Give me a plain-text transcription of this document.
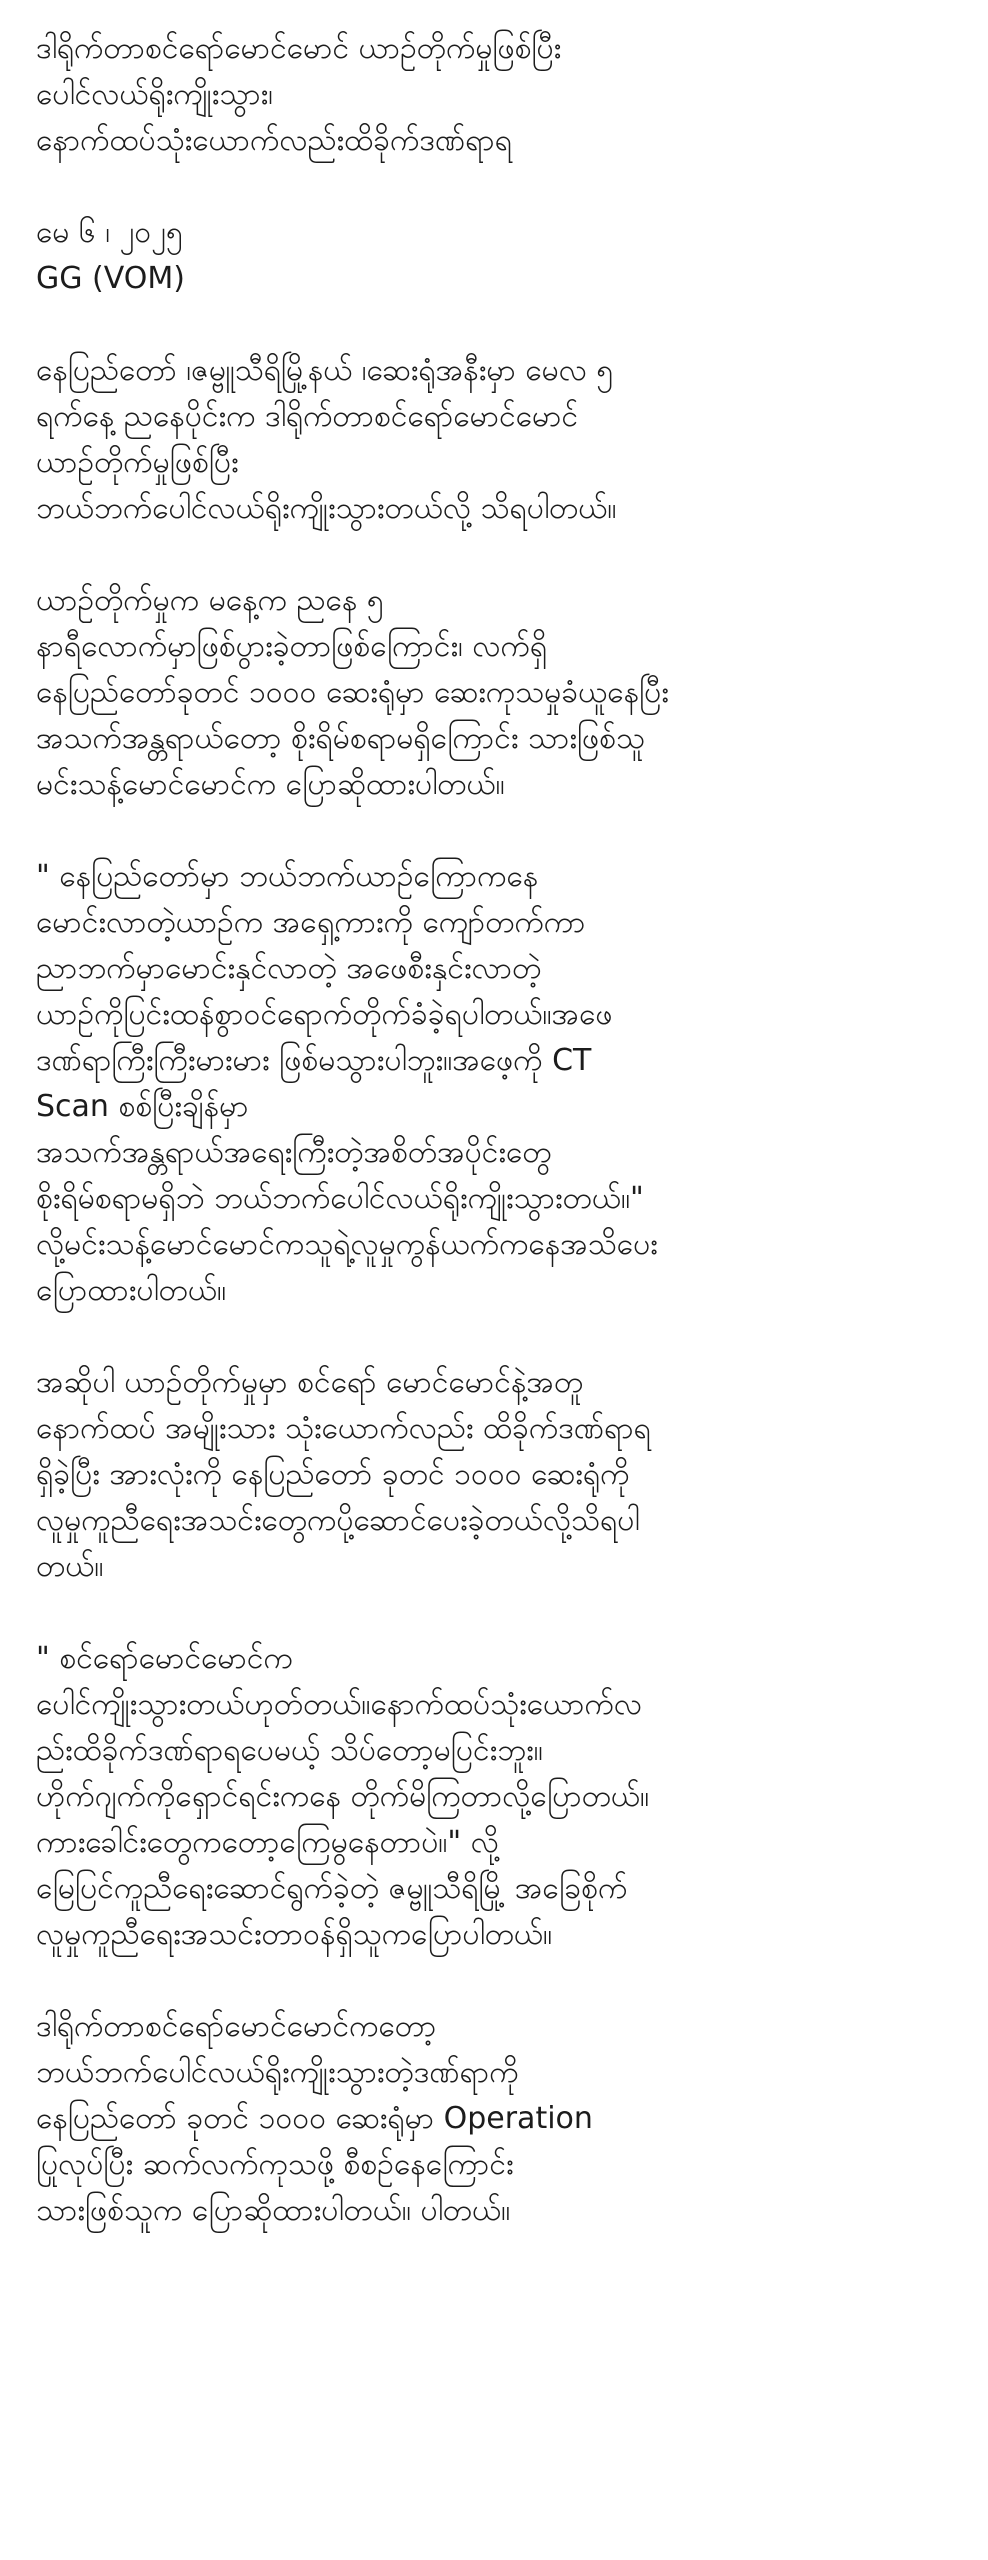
ဒါရိုက်တာစင်ရော်မောင်မောင် ယာဉ်တိုက်မှုဖြစ်ပြီး
ပေါင်လယ်ရိုးကျိုးသွား၊
နောက်ထပ်သုံးယောက်လည်းထိခိုက်ဒဏ်ရာရ
မေ ၆ ၊ ၂၀၂၅
GG (VOM)
နေပြည်တော် ၊ဇမ္ဗူသီရိမြို့နယ် ၊ဆေးရုံအနီးမှာ မေလ ၅
ရက်နေ့ ညနေပိုင်းက ဒါရိုက်တာစင်ရော်မောင်မောင်
ယာဉ်တိုက်မှုဖြစ်ပြီး
ဘယ်ဘက်ပေါင်လယ်ရိုးကျိုးသွားတယ်လို့ သိရပါတယ်။
ယာဉ်တိုက်မှုက မနေ့က ညနေ ၅
နာရီလောက်မှာဖြစ်ပွားခဲ့တာဖြစ်ကြောင်း၊ လက်ရှိ
နေပြည်တော်ခုတင် ၁၀၀၀ ဆေးရုံမှာ ဆေးကုသမှုခံယူနေပြီး
အသက်အန္တရာယ်တော့ စိုးရိမ်စရာမရှိကြောင်း သားဖြစ်သူ
မင်းသန့်မောင်မောင်က ပြောဆိုထားပါတယ်။
" နေပြည်တော်မှာ ဘယ်ဘက်ယာဉ်ကြောကနေ
မောင်းလာတဲ့ယာဉ်က အရှေ့ကားကို ကျော်တက်ကာ
ညာဘက်မှာမောင်းနှင်လာတဲ့ အဖေစီးနှင်းလာတဲ့
ယာဉ်ကိုပြင်းထန်စွာဝင်ရောက်တိုက်ခံခဲ့ရပါတယ်။အဖေ
ဒဏ်ရာကြီးကြီးမားမား ဖြစ်မသွားပါဘူး။အဖေ့ကို CT
Scan စစ်ပြီးချိန်မှာ
အသက်အန္တရာယ်အရေးကြီးတဲ့အစိတ်အပိုင်းတွေ
စိုးရိမ်စရာမရှိဘဲ ဘယ်ဘက်ပေါင်လယ်ရိုးကျိုးသွားတယ်။"
လို့မင်းသန့်မောင်မောင်ကသူရဲ့လူမှုကွန်ယက်ကနေအသိပေး
ပြောထားပါတယ်။
အဆိုပါ ယာဉ်တိုက်မှုမှာ စင်ရော် မောင်မောင်နဲ့အတူ
နောက်ထပ် အမျိုးသား သုံးယောက်လည်း ထိခိုက်ဒဏ်ရာရ
ရှိခဲ့ပြီး အားလုံးကို နေပြည်တော် ခုတင် ၁၀၀၀ ဆေးရုံကို
လူမှုကူညီရေးအသင်းတွေကပို့ဆောင်ပေးခဲ့တယ်လို့သိရပါ
တယ်။
" စင်ရော်မောင်မောင်က
ပေါင်ကျိုးသွားတယ်ဟုတ်တယ်။နောက်ထပ်သုံးယောက်လ
ည်းထိခိုက်ဒဏ်ရာရပေမယ့် သိပ်တော့မပြင်းဘူး။
ဟိုက်ဂျက်ကိုရှောင်ရင်းကနေ တိုက်မိကြတာလို့ပြောတယ်။
ကားခေါင်းတွေကတော့ကြေမွနေတာပဲ။" လို့
မြေပြင်ကူညီရေးဆောင်ရွက်ခဲ့တဲ့ ဇမ္ဗူသီရိမြို့ အခြေစိုက်
လူမှုကူညီရေးအသင်းတာဝန်ရှိသူကပြောပါတယ်။
ဒါရိုက်တာစင်ရော်မောင်မောင်ကတော့
ဘယ်ဘက်ပေါင်လယ်ရိုးကျိုးသွားတဲ့ဒဏ်ရာကို
နေပြည်တော် ခုတင် ၁၀၀၀ ဆေးရုံမှာ Operation
ပြုလုပ်ပြီး ဆက်လက်ကုသဖို့ စီစဉ်နေကြောင်း
သားဖြစ်သူက ပြောဆိုထားပါတယ်။ ပါတယ်။
